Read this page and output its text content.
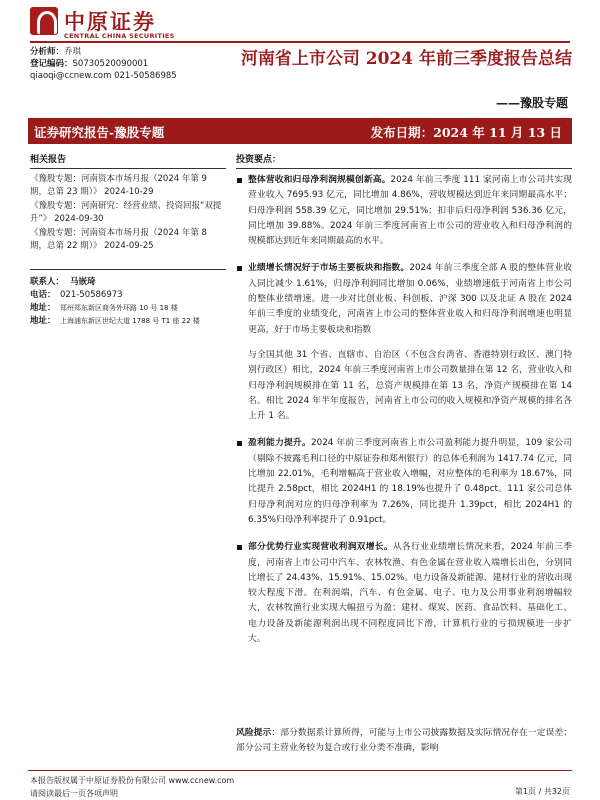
中原证券
CENTRAL CHINA SECURITIES
分析师：乔琪
登记编码：S0730520090001
qiaoqi@ccnew.com 021-50586985
河南省上市公司 2024 年前三季度报告总结
——豫股专题
证券研究报告-豫股专题	发布日期：2024 年 11 月 13 日
相关报告
《豫股专题：河南资本市场月报（2024 年第 9 期，总第 23 期）》 2024-10-29
《豫股专题：河南研究：经营业绩、投资回报“双提升”》 2024-09-30
《豫股专题：河南资本市场月报（2024 年第 8 期，总第 22 期）》 2024-09-25
联系人： 马嵌琦
电话： 021-50586973
地址： 郑州郑东新区商务外环路 10 号 18 楼
地址： 上海浦东新区世纪大道 1788 号 T1 座 22 楼
投资要点：
整体营收和归母净利润规模创新高。2024 年前三季度 111 家河南上市公司共实现营业收入 7695.93 亿元，同比增加 4.86%，营收规模达到近年来同期最高水平；归母净利润 558.39 亿元，同比增加 29.51%；扣非后归母净利润 536.36 亿元，同比增加 39.88%。2024 年前三季度河南省上市公司的营业收入和归母净利润的规模都达到近年来同期最高的水平。
业绩增长情况好于市场主要板块和指数。2024 年前三季度全部 A 股的整体营业收入同比减少 1.61%，归母净利润同比增加 0.06%，业绩增速低于河南省上市公司的整体业绩增速。进一步对比创业板、科创板、沪深 300 以及北证 A 股在 2024 年前三季度的业绩变化，河南省上市公司的整体营业收入和归母净利润增速也明显更高，好于市场主要板块和指数
与全国其他 31 个省、直辖市、自治区（不包含台湾省、香港特别行政区、澳门特别行政区）相比，2024 年前三季度河南省上市公司数量排在第 12 名，营业收入和归母净利润规模排在第 11 名，总资产规模排在第 13 名，净资产规模排在第 14 名。相比 2024 年半年度报告，河南省上市公司的收入规模和净资产规模的排名各上升 1 名。
盈利能力提升。2024 年前三季度河南省上市公司盈利能力提升明显，109 家公司（剔除不披露毛利口径的中原证券和郑州银行）的总体毛利润为 1417.74 亿元，同比增加 22.01%，毛利增幅高于营业收入增幅，对应整体的毛利率为 18.67%，同比提升 2.58pct，相比 2024H1 的 18.19%也提升了 0.48pct。111 家公司总体归母净利润对应的归母净利率为 7.26%，同比提升 1.39pct，相比 2024H1 的 6.35%归母净利率提升了 0.91pct。
部分优势行业实现营收利润双增长。从各行业业绩增长情况来看，2024 年前三季度，河南省上市公司中汽车、农林牧渔、有色金属在营业收入端增长出色，分别同比增长了 24.43%、15.91%、15.02%。电力设备及新能源、建材行业的营收出现较大程度下滑。在利润端，汽车、有色金属、电子、电力及公用事业利润增幅较大，农林牧渔行业实现大幅扭亏为盈；建材、煤炭、医药、食品饮料、基础化工、电力设备及新能源利润出现不同程度同比下滑，计算机行业的亏损规模进一步扩大。
风险提示：部分数据系计算所得，可能与上市公司披露数据及实际情况存在一定误差；部分公司主营业务较为复合或行业分类不准确，影响
本报告版权属于中原证券股份有限公司 www.ccnew.com
请阅读最后一页各项声明	第1页 / 共32页
